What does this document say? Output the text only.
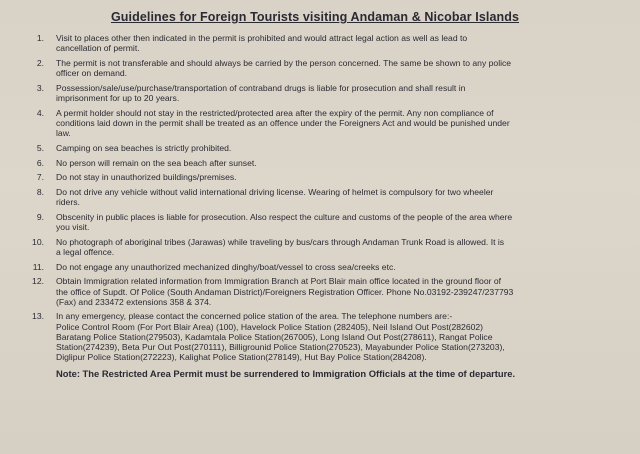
Guidelines for Foreign Tourists visiting Andaman & Nicobar Islands
1.	Visit to places other then indicated in the permit is prohibited and would attract legal action as well as lead to
cancellation of permit.
2.	The permit is not transferable and should always be carried by the person concerned. The same be shown to any police
officer on demand.
3.	Possession/sale/use/purchase/transportation of contraband drugs is liable for prosecution and shall result in
imprisonment for up to 20 years.
4.	A permit holder should not stay in the restricted/protected area after the expiry of the permit. Any non compliance of
conditions laid down in the permit shall be treated as an offence under the Foreigners Act and would be punished under
law.
5.	Camping on sea beaches is strictly prohibited.
6.	No person will remain on the sea beach after sunset.
7.	Do not stay in unauthorized buildings/premises.
8.	Do not drive any vehicle without valid international driving license. Wearing of helmet is compulsory for two wheeler
riders.
9.	Obscenity in public places is liable for prosecution. Also respect the culture and customs of the people of the area where
you visit.
10.	No photograph of aboriginal tribes (Jarawas) while traveling by bus/cars through Andaman Trunk Road is allowed. It is
a legal offence.
11.	Do not engage any unauthorized mechanized dinghy/boat/vessel to cross sea/creeks etc.
12.	Obtain Immigration related information from Immigration Branch at Port Blair main office located in the ground floor of
the office of Supdt. Of Police (South Andaman District)/Foreigners Registration Officer. Phone No.03192-239247/237793
(Fax) and 233472 extensions 358 & 374.
13.	In any emergency, please contact the concerned police station of the area. The telephone numbers are:-
Police Control Room (For Port Blair Area) (100), Havelock Police Station (282405), Neil Island Out Post(282602)
Baratang Police Station(279503), Kadamtala Police Station(267005), Long Island Out Post(278611), Rangat Police
Station(274239), Beta Pur Out Post(270111), Billigrounid Police Station(270523), Mayabunder Police Station(273203),
Diglipur Police Station(272223), Kalighat Police Station(278149), Hut Bay Police Station(284208).
Note: The Restricted Area Permit must be surrendered to Immigration Officials at the time of departure.
